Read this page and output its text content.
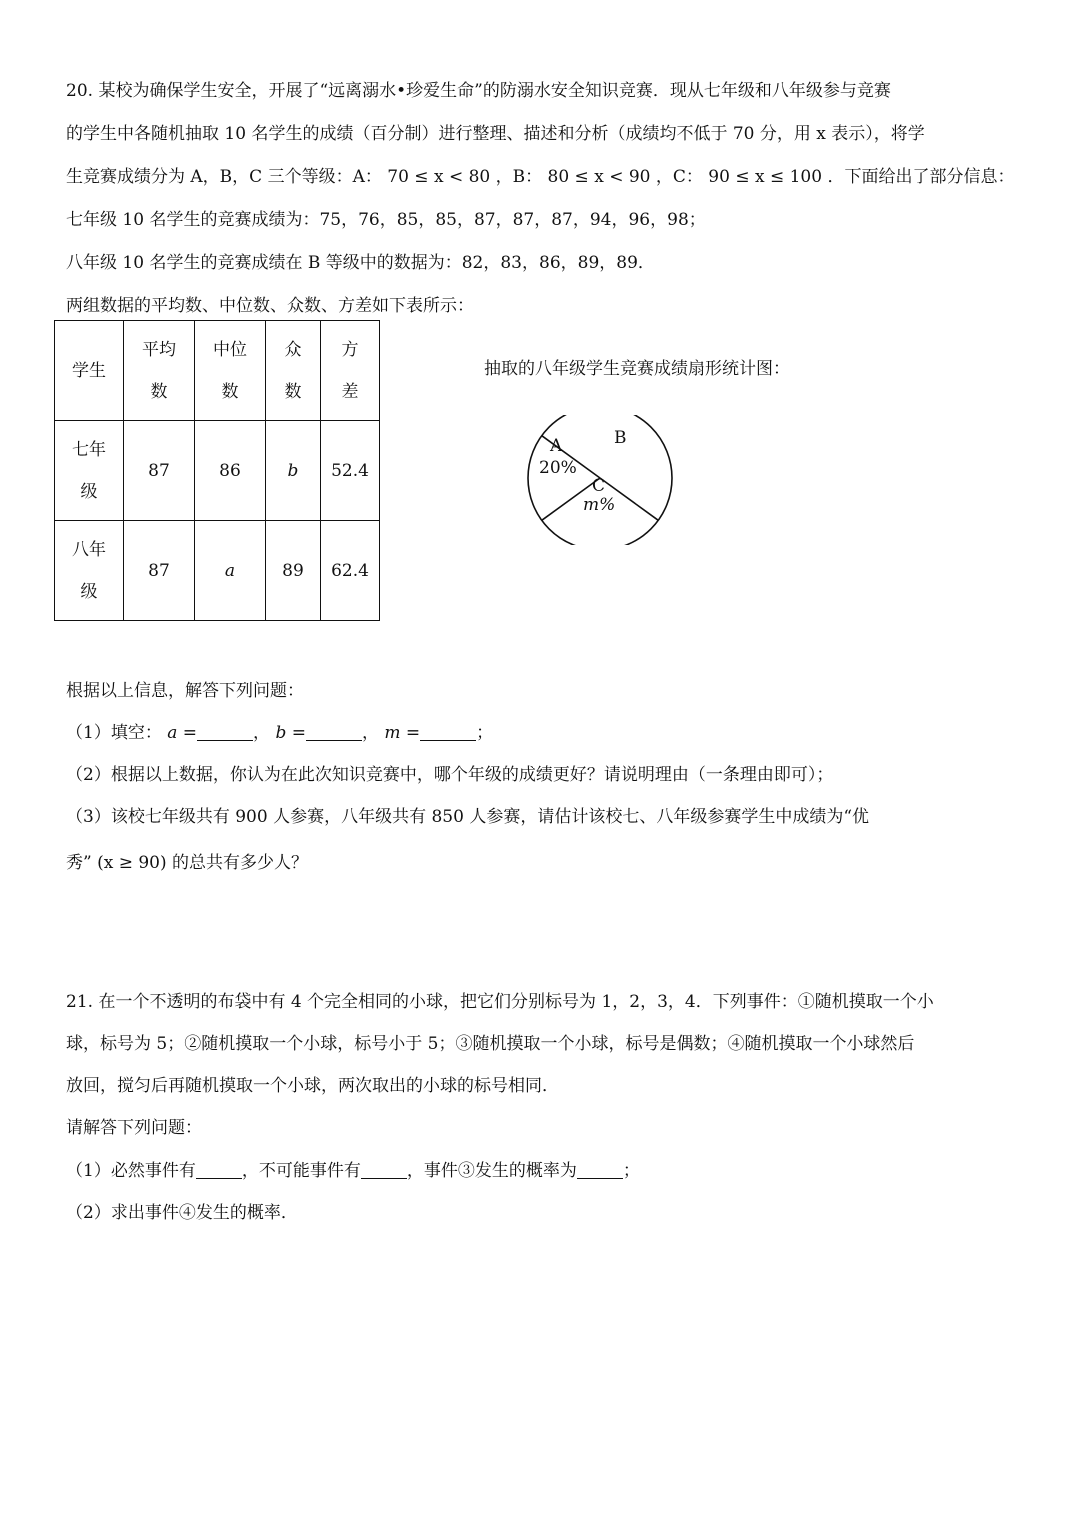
20. 某校为确保学生安全，开展了“远离溺水•珍爱生命”的防溺水安全知识竞赛．现从七年级和八年级参与竞赛
的学生中各随机抽取 10 名学生的成绩（百分制）进行整理、描述和分析（成绩均不低于 70 分，用 x 表示），将学
生竞赛成绩分为 A，B，C 三个等级：A： 70 ≤ x < 80 ，B： 80 ≤ x < 90 ，C： 90 ≤ x ≤ 100 ．下面给出了部分信息：
七年级 10 名学生的竞赛成绩为：75，76，85，85，87，87，87，94，96，98；
八年级 10 名学生的竞赛成绩在 B 等级中的数据为：82，83，86，89，89．
两组数据的平均数、中位数、众数、方差如下表所示：
学生	平均数	中位数	众数	方差

七年级	87	86	b	52.4

八年级	87	a	89	62.4
抽取的八年级学生竞赛成绩扇形统计图：
A
20%
B
C
m%
根据以上信息，解答下列问题：
（1）填空： a =	， b =	， m =	；
（2）根据以上数据，你认为在此次知识竞赛中，哪个年级的成绩更好？请说明理由（一条理由即可）；
（3）该校七年级共有 900 人参赛，八年级共有 850 人参赛，请估计该校七、八年级参赛学生中成绩为“优
秀” (x ≥ 90) 的总共有多少人？
21. 在一个不透明的布袋中有 4 个完全相同的小球，把它们分别标号为 1，2，3，4．下列事件：①随机摸取一个小
球，标号为 5；②随机摸取一个小球，标号小于 5；③随机摸取一个小球，标号是偶数；④随机摸取一个小球然后
放回，搅匀后再随机摸取一个小球，两次取出的小球的标号相同．
请解答下列问题：
（1）必然事件有	，不可能事件有	，事件③发生的概率为	；
（2）求出事件④发生的概率．
